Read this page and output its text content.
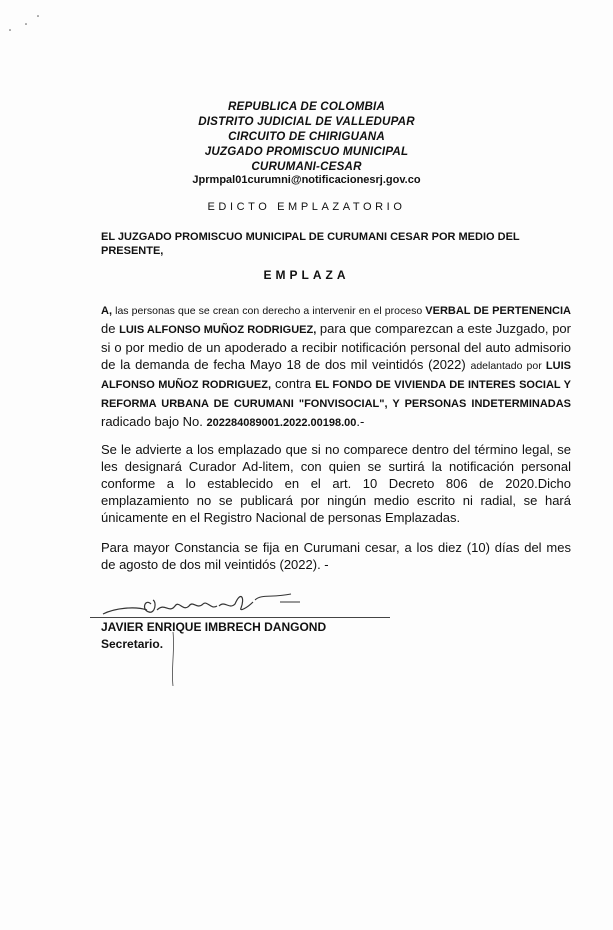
REPUBLICA DE COLOMBIA
DISTRITO JUDICIAL DE VALLEDUPAR
CIRCUITO DE CHIRIGUANA
JUZGADO PROMISCUO MUNICIPAL
CURUMANI-CESAR
Jprmpal01curumni@notificacionesrj.gov.co
EDICTO EMPLAZATORIO
EL JUZGADO PROMISCUO MUNICIPAL DE CURUMANI CESAR POR MEDIO DEL PRESENTE,
EMPLAZA
A, las personas que se crean con derecho a intervenir en el proceso VERBAL DE PERTENENCIA de LUIS ALFONSO MUÑOZ RODRIGUEZ, para que comparezcan a este Juzgado, por si o por medio de un apoderado a recibir notificación personal del auto admisorio de la demanda de fecha Mayo 18 de dos mil veintidós (2022) adelantado por LUIS ALFONSO MUÑOZ RODRIGUEZ, contra EL FONDO DE VIVIENDA DE INTERES SOCIAL Y REFORMA URBANA DE CURUMANI "FONVISOCIAL", Y PERSONAS INDETERMINADAS radicado bajo No. 202284089001.2022.00198.00.-
Se le advierte a los emplazado que si no comparece dentro del término legal, se les designará Curador Ad-litem, con quien se surtirá la notificación personal conforme a lo establecido en el art. 10 Decreto 806 de 2020.Dicho emplazamiento no se publicará por ningún medio escrito ni radial, se hará únicamente en el Registro Nacional de personas Emplazadas.
Para mayor Constancia se fija en Curumani cesar, a los diez (10) días del mes de agosto de dos mil veintidós (2022). -
JAVIER ENRIQUE IMBRECH DANGOND
Secretario.
